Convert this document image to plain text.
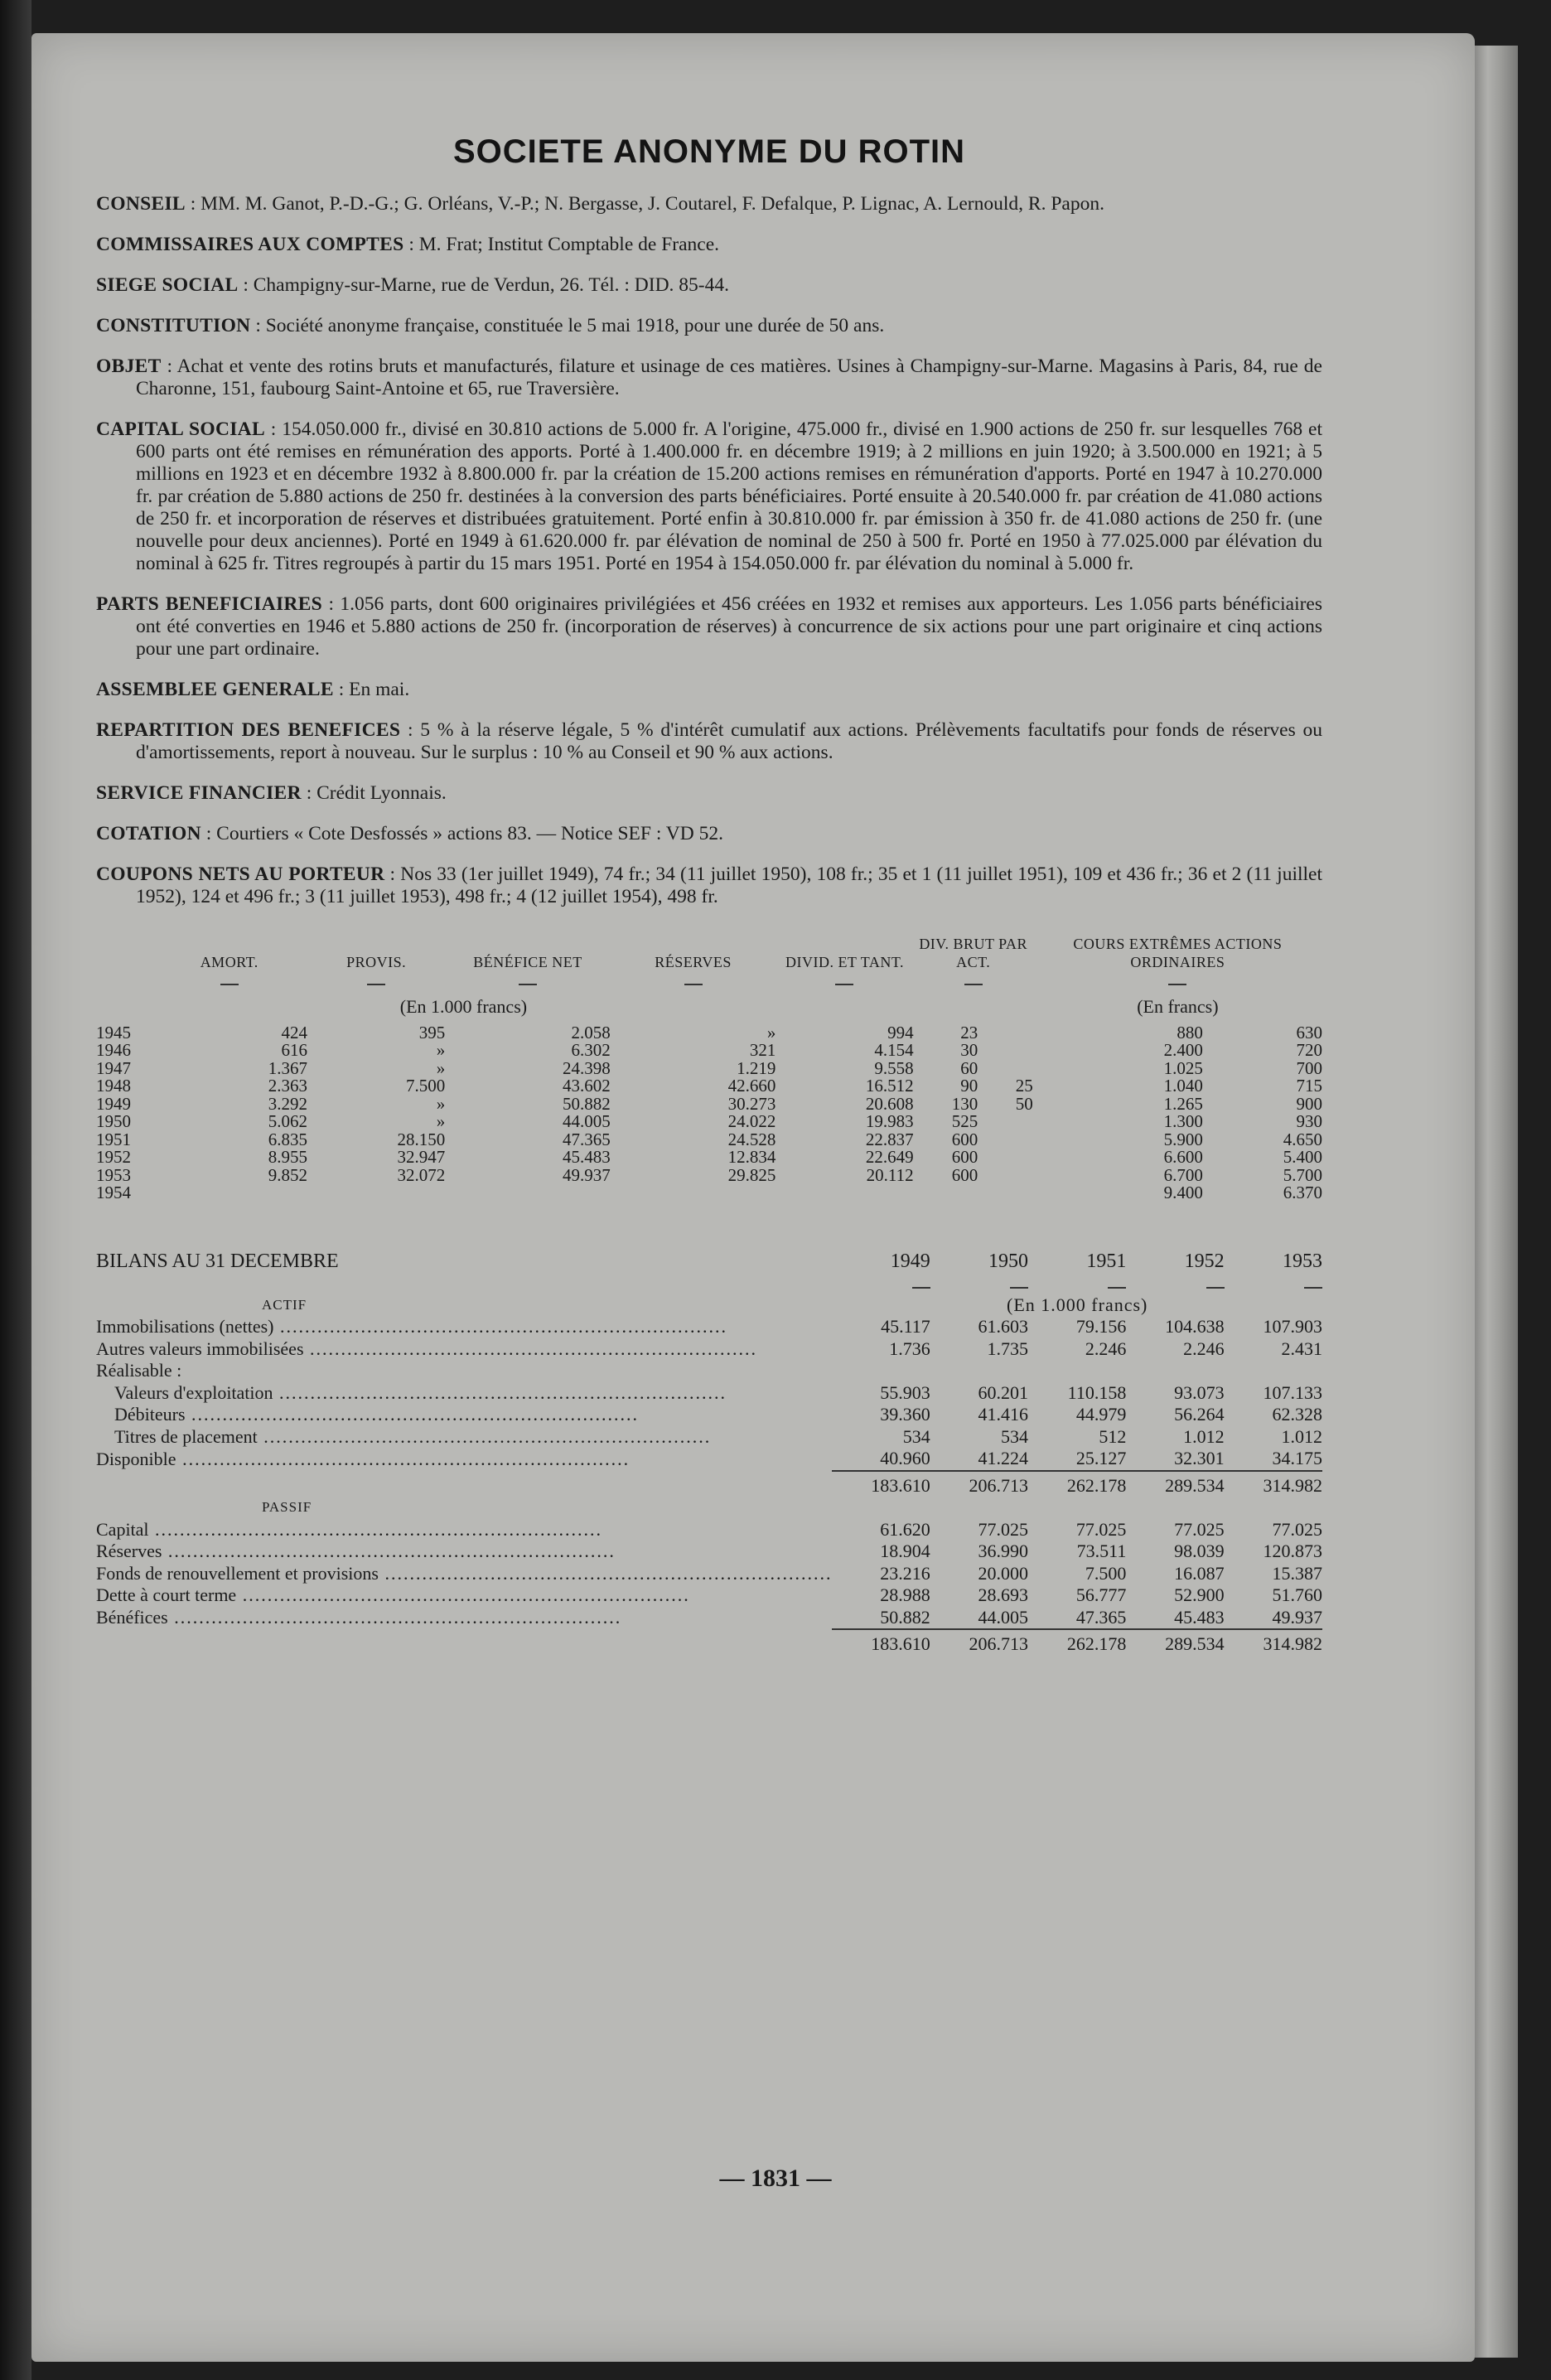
SOCIETE ANONYME DU ROTIN

CONSEIL : MM. M. Ganot, P.-D.-G.; G. Orléans, V.-P.; N. Bergasse, J. Coutarel, F. Defalque, P. Lignac, A. Lernould, R. Papon.

COMMISSAIRES AUX COMPTES : M. Frat; Institut Comptable de France.

SIEGE SOCIAL : Champigny-sur-Marne, rue de Verdun, 26. Tél. : DID. 85-44.

CONSTITUTION : Société anonyme française, constituée le 5 mai 1918, pour une durée de 50 ans.

OBJET : Achat et vente des rotins bruts et manufacturés, filature et usinage de ces matières. Usines à Champigny-sur-Marne. Magasins à Paris, 84, rue de Charonne, 151, faubourg Saint-Antoine et 65, rue Traversière.

CAPITAL SOCIAL : 154.050.000 fr., divisé en 30.810 actions de 5.000 fr. A l'origine, 475.000 fr., divisé en 1.900 actions de 250 fr. sur lesquelles 768 et 600 parts ont été remises en rémunération des apports. Porté à 1.400.000 fr. en décembre 1919; à 2 millions en juin 1920; à 3.500.000 en 1921; à 5 millions en 1923 et en décembre 1932 à 8.800.000 fr. par la création de 15.200 actions remises en rémunération d'apports. Porté en 1947 à 10.270.000 fr. par création de 5.880 actions de 250 fr. destinées à la conversion des parts bénéficiaires. Porté ensuite à 20.540.000 fr. par création de 41.080 actions de 250 fr. et incorporation de réserves et distribuées gratuitement. Porté enfin à 30.810.000 fr. par émission à 350 fr. de 41.080 actions de 250 fr. (une nouvelle pour deux anciennes). Porté en 1949 à 61.620.000 fr. par élévation de nominal de 250 à 500 fr. Porté en 1950 à 77.025.000 par élévation du nominal à 625 fr. Titres regroupés à partir du 15 mars 1951. Porté en 1954 à 154.050.000 fr. par élévation du nominal à 5.000 fr.

PARTS BENEFICIAIRES : 1.056 parts, dont 600 originaires privilégiées et 456 créées en 1932 et remises aux apporteurs. Les 1.056 parts bénéficiaires ont été converties en 1946 et 5.880 actions de 250 fr. (incorporation de réserves) à concurrence de six actions pour une part originaire et cinq actions pour une part ordinaire.

ASSEMBLEE GENERALE : En mai.

REPARTITION DES BENEFICES : 5 % à la réserve légale, 5 % d'intérêt cumulatif aux actions. Prélèvements facultatifs pour fonds de réserves ou d'amortissements, report à nouveau. Sur le surplus : 10 % au Conseil et 90 % aux actions.

SERVICE FINANCIER : Crédit Lyonnais.

COTATION : Courtiers « Cote Desfossés » actions 83. — Notice SEF : VD 52.

COUPONS NETS AU PORTEUR : Nos 33 (1er juillet 1949), 74 fr.; 34 (11 juillet 1950), 108 fr.; 35 et 1 (11 juillet 1951), 109 et 436 fr.; 36 et 2 (11 juillet 1952), 124 et 496 fr.; 3 (11 juillet 1953), 498 fr.; 4 (12 juillet 1954), 498 fr.

	AMORT.	PROVIS.	BÉNÉFICE NET	RÉSERVES	DIVID. ET TANT.	DIV. BRUT PAR ACT.		COURS EXTRÊMES ACTIONS ORDINAIRES	

	(En 1.000 francs)							(En francs)	
1945	424	395	2.058	»	994	23		880	630
1946	616	»	6.302	321	4.154	30		2.400	720
1947	1.367	»	24.398	1.219	9.558	60		1.025	700
1948	2.363	7.500	43.602	42.660	16.512	90	25	1.040	715
1949	3.292	»	50.882	30.273	20.608	130	50	1.265	900
1950	5.062	»	44.005	24.022	19.983	525		1.300	930
1951	6.835	28.150	47.365	24.528	22.837	600		5.900	4.650
1952	8.955	32.947	45.483	12.834	22.649	600		6.600	5.400
1953	9.852	32.072	49.937	29.825	20.112	600		6.700	5.700
1954								9.400	6.370
BILANS AU 31 DECEMBRE	1949	1950	1951	1952	1953

ACTIF	(En 1.000 francs)				
Immobilisations (nettes) .....	45.117	61.603	79.156	104.638	107.903
Autres valeurs immobilisées .....	1.736	1.735	2.246	2.246	2.431
Réalisable :					
Valeurs d'exploitation .....	55.903	60.201	110.158	93.073	107.133
Débiteurs .....	39.360	41.416	44.979	56.264	62.328
Titres de placement .....	534	534	512	1.012	1.012
Disponible .....	40.960	41.224	25.127	32.301	34.175
	183.610	206.713	262.178	289.534	314.982
PASSIF					
Capital .....	61.620	77.025	77.025	77.025	77.025
Réserves .....	18.904	36.990	73.511	98.039	120.873
Fonds de renouvellement et provisions .....	23.216	20.000	7.500	16.087	15.387
Dette à court terme .....	28.988	28.693	56.777	52.900	51.760
Bénéfices .....	50.882	44.005	47.365	45.483	49.937
	183.610	206.713	262.178	289.534	314.982
— 1831 —
